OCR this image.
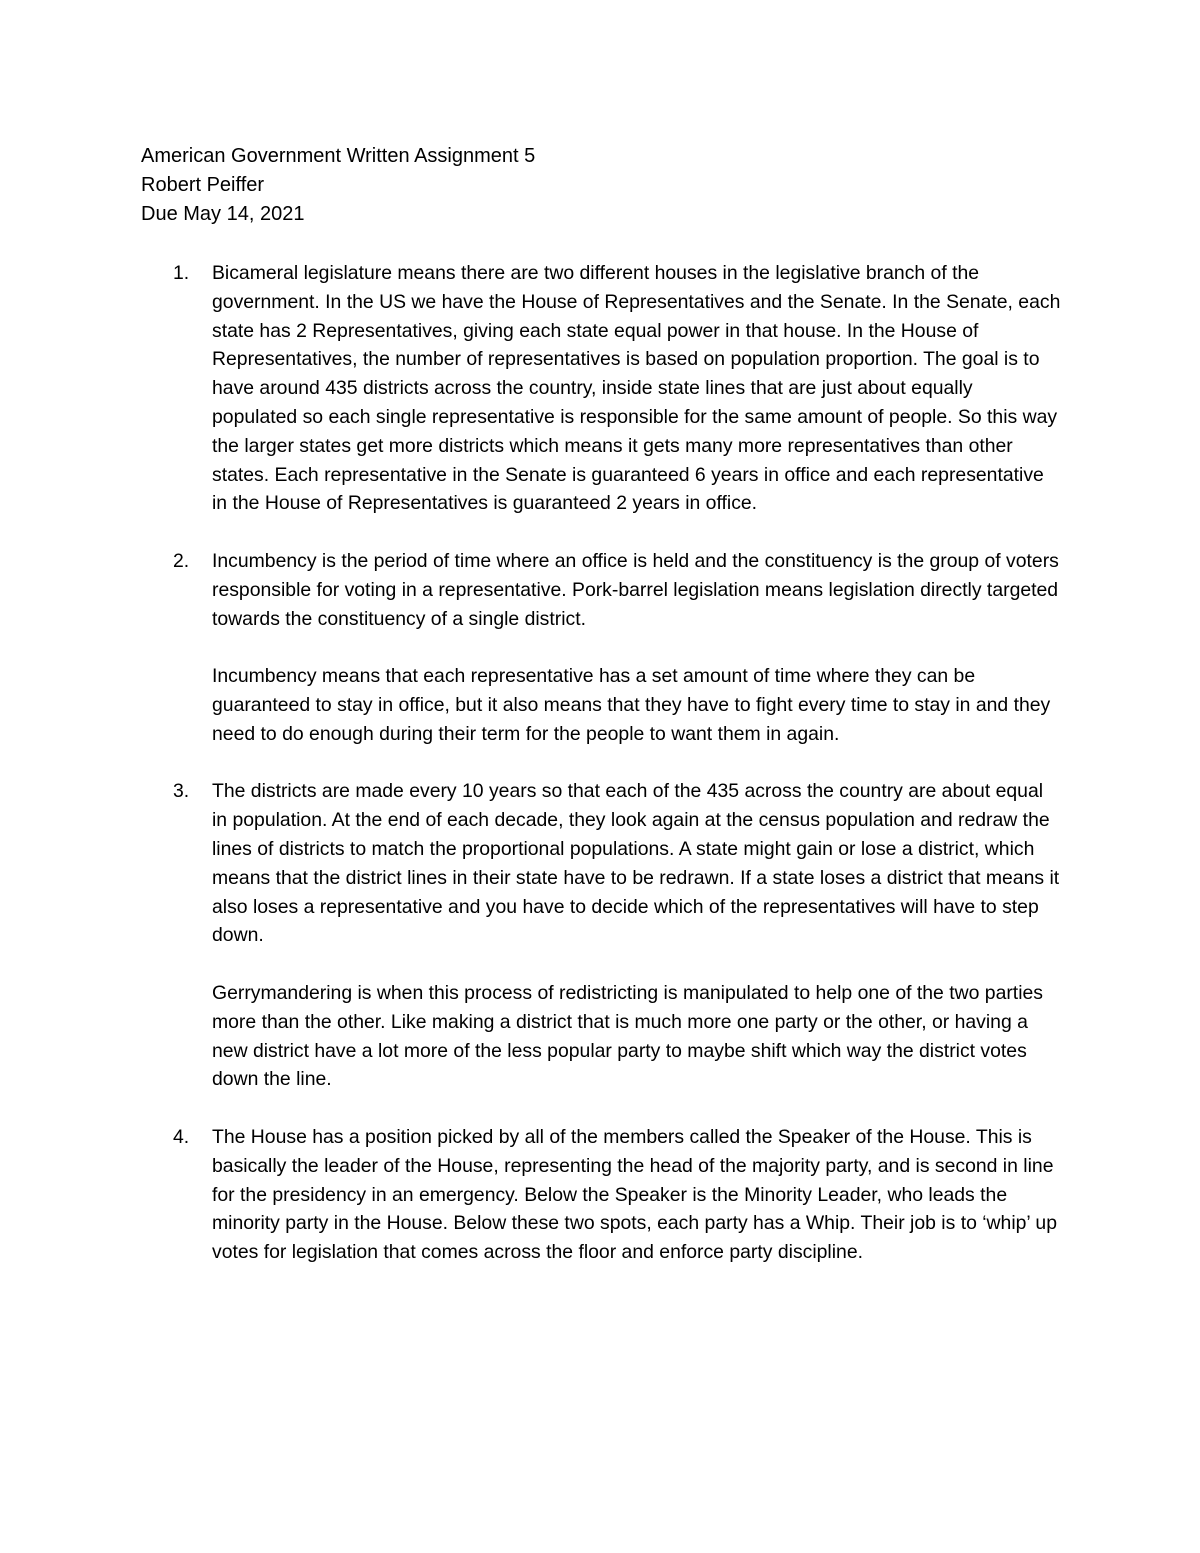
American Government Written Assignment 5
Robert Peiffer
Due May 14, 2021
1. Bicameral legislature means there are two different houses in the legislative branch of the government. In the US we have the House of Representatives and the Senate. In the Senate, each state has 2 Representatives, giving each state equal power in that house. In the House of Representatives, the number of representatives is based on population proportion. The goal is to have around 435 districts across the country, inside state lines that are just about equally populated so each single representative is responsible for the same amount of people. So this way the larger states get more districts which means it gets many more representatives than other states. Each representative in the Senate is guaranteed 6 years in office and each representative in the House of Representatives is guaranteed 2 years in office.

2. Incumbency is the period of time where an office is held and the constituency is the group of voters responsible for voting in a representative. Pork-barrel legislation means legislation directly targeted towards the constituency of a single district.

Incumbency means that each representative has a set amount of time where they can be guaranteed to stay in office, but it also means that they have to fight every time to stay in and they need to do enough during their term for the people to want them in again.

3. The districts are made every 10 years so that each of the 435 across the country are about equal in population. At the end of each decade, they look again at the census population and redraw the lines of districts to match the proportional populations. A state might gain or lose a district, which means that the district lines in their state have to be redrawn. If a state loses a district that means it also loses a representative and you have to decide which of the representatives will have to step down.

Gerrymandering is when this process of redistricting is manipulated to help one of the two parties more than the other. Like making a district that is much more one party or the other, or having a new district have a lot more of the less popular party to maybe shift which way the district votes down the line.

4. The House has a position picked by all of the members called the Speaker of the House. This is basically the leader of the House, representing the head of the majority party, and is second in line for the presidency in an emergency. Below the Speaker is the Minority Leader, who leads the minority party in the House. Below these two spots, each party has a Whip. Their job is to ‘whip’ up votes for legislation that comes across the floor and enforce party discipline.
